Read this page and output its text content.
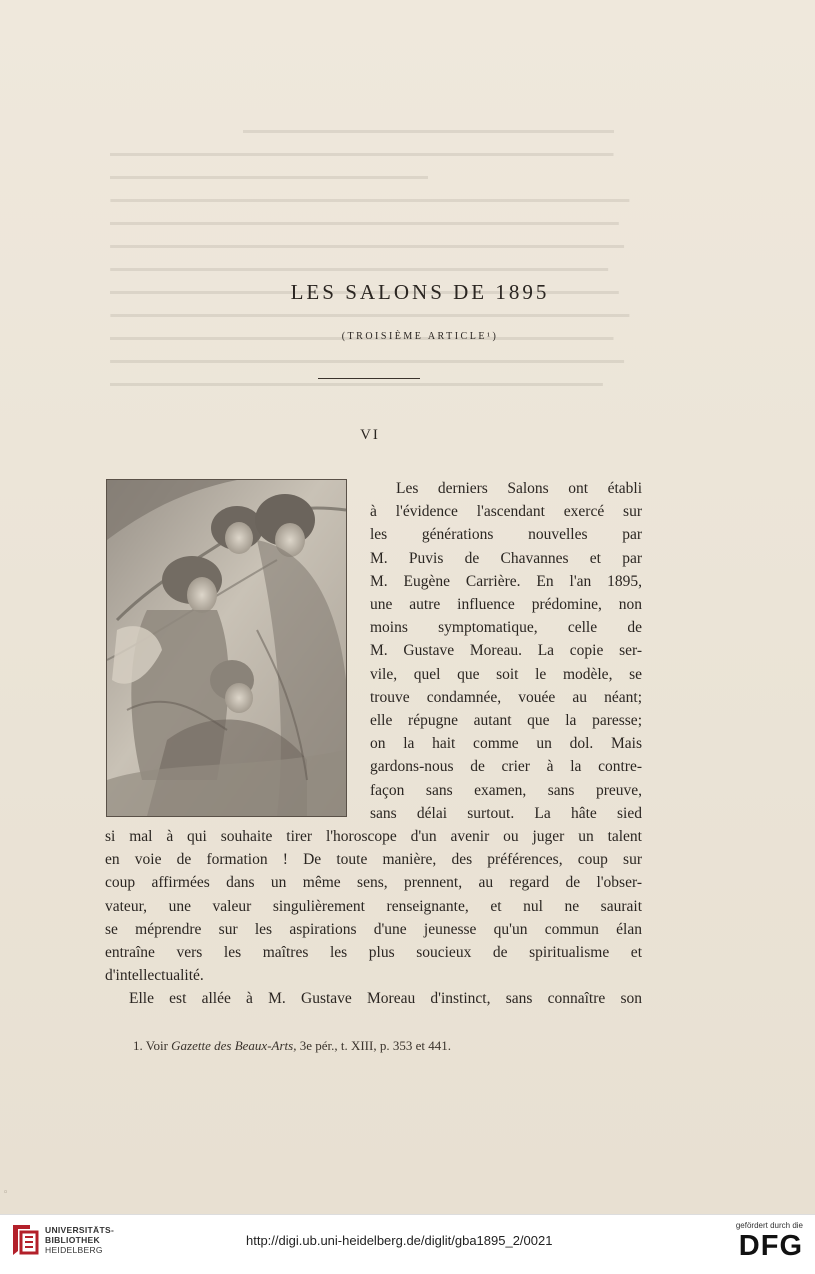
LES SALONS DE 1895
(TROISIÈME ARTICLE¹)
VI
Les derniers Salons ont établi
à l'évidence l'ascendant exercé sur
les générations nouvelles par
M. Puvis de Chavannes et par
M. Eugène Carrière. En l'an 1895,
une autre influence prédomine, non
moins symptomatique, celle de
M. Gustave Moreau. La copie ser-
vile, quel que soit le modèle, se
trouve condamnée, vouée au néant;
elle répugne autant que la paresse;
on la hait comme un dol. Mais
gardons-nous de crier à la contre-
façon sans examen, sans preuve,
sans délai surtout. La hâte sied
si mal à qui souhaite tirer l'horoscope d'un avenir ou juger un talent
en voie de formation ! De toute manière, des préférences, coup sur
coup affirmées dans un même sens, prennent, au regard de l'obser-
vateur, une valeur singulièrement renseignante, et nul ne saurait
se méprendre sur les aspirations d'une jeunesse qu'un commun élan
entraîne vers les maîtres les plus soucieux de spiritualisme et
d'intellectualité.
Elle est allée à M. Gustave Moreau d'instinct, sans connaître son
1. Voir Gazette des Beaux-Arts, 3e pér., t. XIII, p. 353 et 441.
◦
UNIVERSITÄTS-
BIBLIOTHEK
HEIDELBERG
http://digi.ub.uni-heidelberg.de/diglit/gba1895_2/0021
gefördert durch die
DFG
